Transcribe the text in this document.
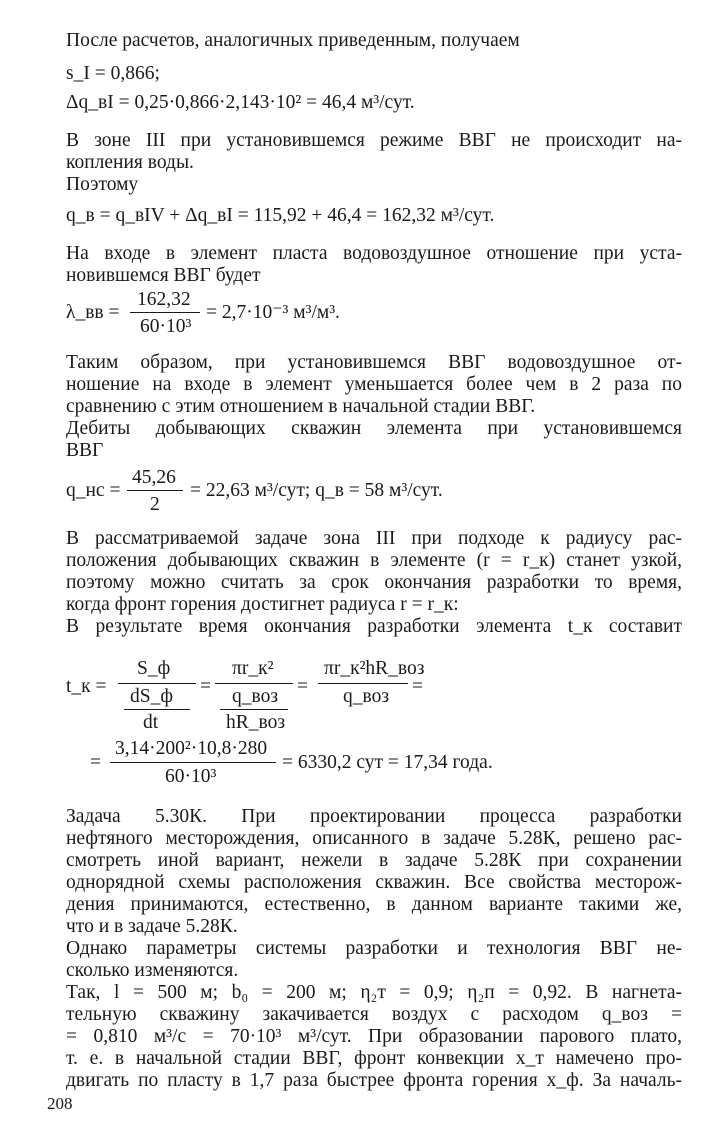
После расчетов, аналогичных приведенным, получаем
s_I = 0,866;
Δq_вI = 0,25·0,866·2,143·10² = 46,4 м³/сут.
В зоне III при установившемся режиме ВВГ не происходит на-
копления воды.
Поэтому
q_в = q_вIV + Δq_вI = 115,92 + 46,4 = 162,32 м³/сут.
На входе в элемент пласта водовоздушное отношение при уста-
новившемся ВВГ будет
λ_вв =
162,32
60·10³
= 2,7·10⁻³ м³/м³.
Таким образом, при установившемся ВВГ водовоздушное от-
ношение на входе в элемент уменьшается более чем в 2 раза по
сравнению с этим отношением в начальной стадии ВВГ.
Дебиты добывающих скважин элемента при установившемся
ВВГ
q_нс =
45,26
2
= 22,63 м³/сут; q_в = 58 м³/сут.
В рассматриваемой задаче зона III при подходе к радиусу рас-
положения добывающих скважин в элементе (r = r_к) станет узкой,
поэтому можно считать за срок окончания разработки то время,
когда фронт горения достигнет радиуса r = r_к:
В результате время окончания разработки элемента t_к составит
t_к =
S_ф
dS_ф
dt
=
πr_к²
q_воз
hR_воз
=
πr_к²hR_воз
q_воз =
=
3,14·200²·10,8·280
60·10³
= 6330,2 сут = 17,34 года.
Задача 5.30К. При проектировании процесса разработки
нефтяного месторождения, описанного в задаче 5.28К, решено рас-
смотреть иной вариант, нежели в задаче 5.28К при сохранении
однорядной схемы расположения скважин. Все свойства месторож-
дения принимаются, естественно, в данном варианте такими же,
что и в задаче 5.28К.
Однако параметры системы разработки и технология ВВГ не-
сколько изменяются.
Так, l = 500 м; b₀ = 200 м; η₂т = 0,9; η₂п = 0,92. В нагнета-
тельную скважину закачивается воздух с расходом q_воз =
= 0,810 м³/с = 70·10³ м³/сут. При образовании парового плато,
т. е. в начальной стадии ВВГ, фронт конвекции x_т намечено про-
двигать по пласту в 1,7 раза быстрее фронта горения x_ф. За началь-
208
